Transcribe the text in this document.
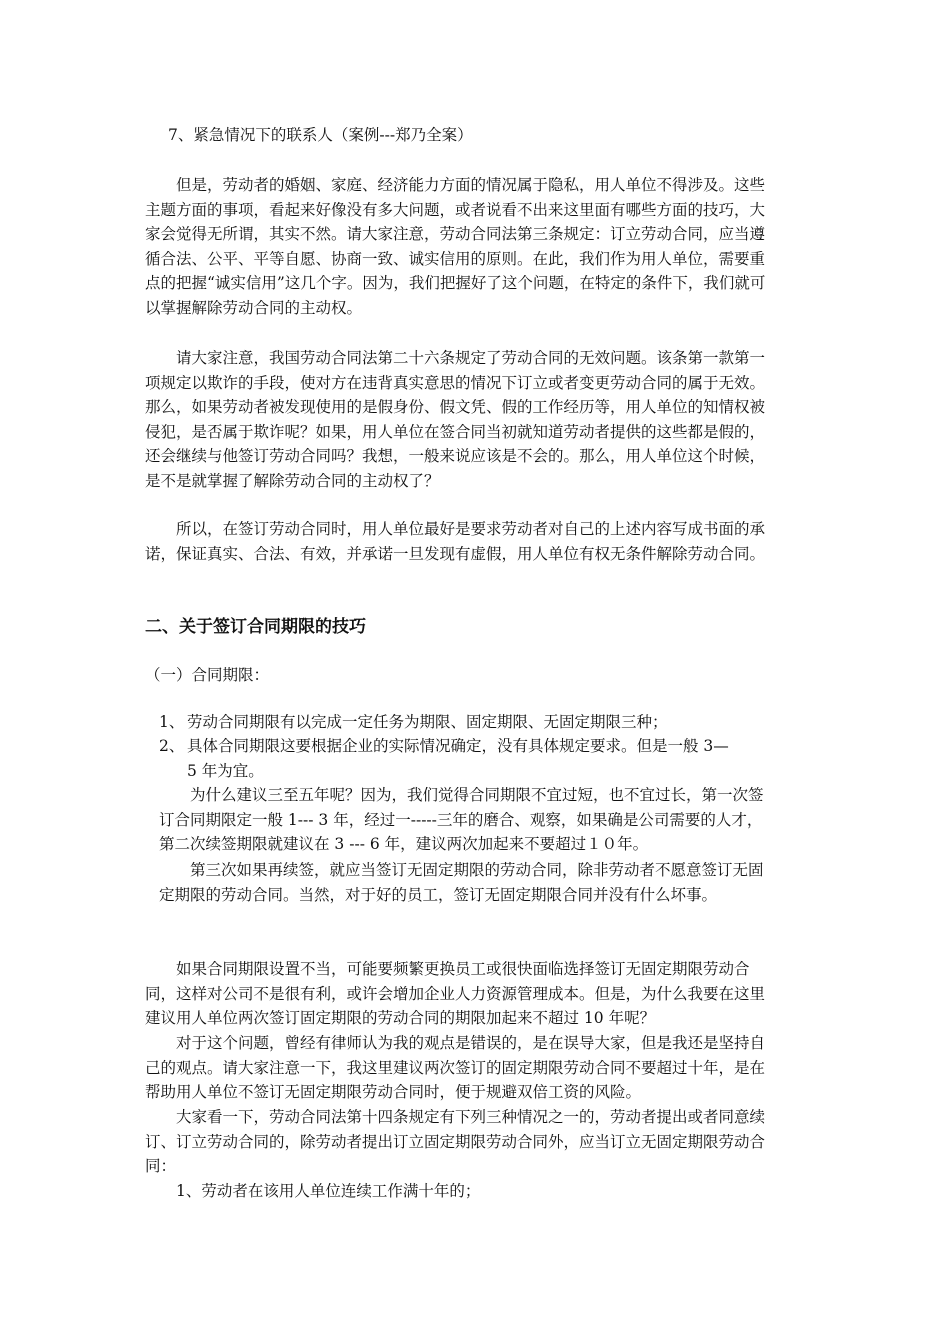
7、紧急情况下的联系人（案例---郑乃全案）

但是，劳动者的婚姻、家庭、经济能力方面的情况属于隐私，用人单位不得涉及。这些主题方面的事项，看起来好像没有多大问题，或者说看不出来这里面有哪些方面的技巧，大家会觉得无所谓，其实不然。请大家注意，劳动合同法第三条规定：订立劳动合同，应当遵循合法、公平、平等自愿、协商一致、诚实信用的原则。在此，我们作为用人单位，需要重点的把握“诚实信用”这几个字。因为，我们把握好了这个问题，在特定的条件下，我们就可以掌握解除劳动合同的主动权。

请大家注意，我国劳动合同法第二十六条规定了劳动合同的无效问题。该条第一款第一项规定以欺诈的手段，使对方在违背真实意思的情况下订立或者变更劳动合同的属于无效。那么，如果劳动者被发现使用的是假身份、假文凭、假的工作经历等，用人单位的知情权被侵犯，是否属于欺诈呢？如果，用人单位在签合同当初就知道劳动者提供的这些都是假的，还会继续与他签订劳动合同吗？我想，一般来说应该是不会的。那么，用人单位这个时候，是不是就掌握了解除劳动合同的主动权了？

所以，在签订劳动合同时，用人单位最好是要求劳动者对自己的上述内容写成书面的承诺，保证真实、合法、有效，并承诺一旦发现有虚假，用人单位有权无条件解除劳动合同。

二、关于签订合同期限的技巧

（一）合同期限：

1、 劳动合同期限有以完成一定任务为期限、固定期限、无固定期限三种；
2、 具体合同期限这要根据企业的实际情况确定，没有具体规定要求。但是一般 3—
5 年为宜。

为什么建议三至五年呢？因为，我们觉得合同期限不宜过短，也不宜过长，第一次签订合同期限定一般 1--- 3 年，经过一-----三年的磨合、观察，如果确是公司需要的人才，第二次续签期限就建议在 3 --- 6 年，建议两次加起来不要超过１０年。

第三次如果再续签，就应当签订无固定期限的劳动合同，除非劳动者不愿意签订无固定期限的劳动合同。当然，对于好的员工，签订无固定期限合同并没有什么坏事。

如果合同期限设置不当，可能要频繁更换员工或很快面临选择签订无固定期限劳动合同，这样对公司不是很有利，或许会增加企业人力资源管理成本。但是，为什么我要在这里建议用人单位两次签订固定期限的劳动合同的期限加起来不超过 10 年呢？

对于这个问题，曾经有律师认为我的观点是错误的，是在误导大家，但是我还是坚持自己的观点。请大家注意一下，我这里建议两次签订的固定期限劳动合同不要超过十年，是在帮助用人单位不签订无固定期限劳动合同时，便于规避双倍工资的风险。

大家看一下，劳动合同法第十四条规定有下列三种情况之一的，劳动者提出或者同意续订、订立劳动合同的，除劳动者提出订立固定期限劳动合同外，应当订立无固定期限劳动合同：

1、劳动者在该用人单位连续工作满十年的；
